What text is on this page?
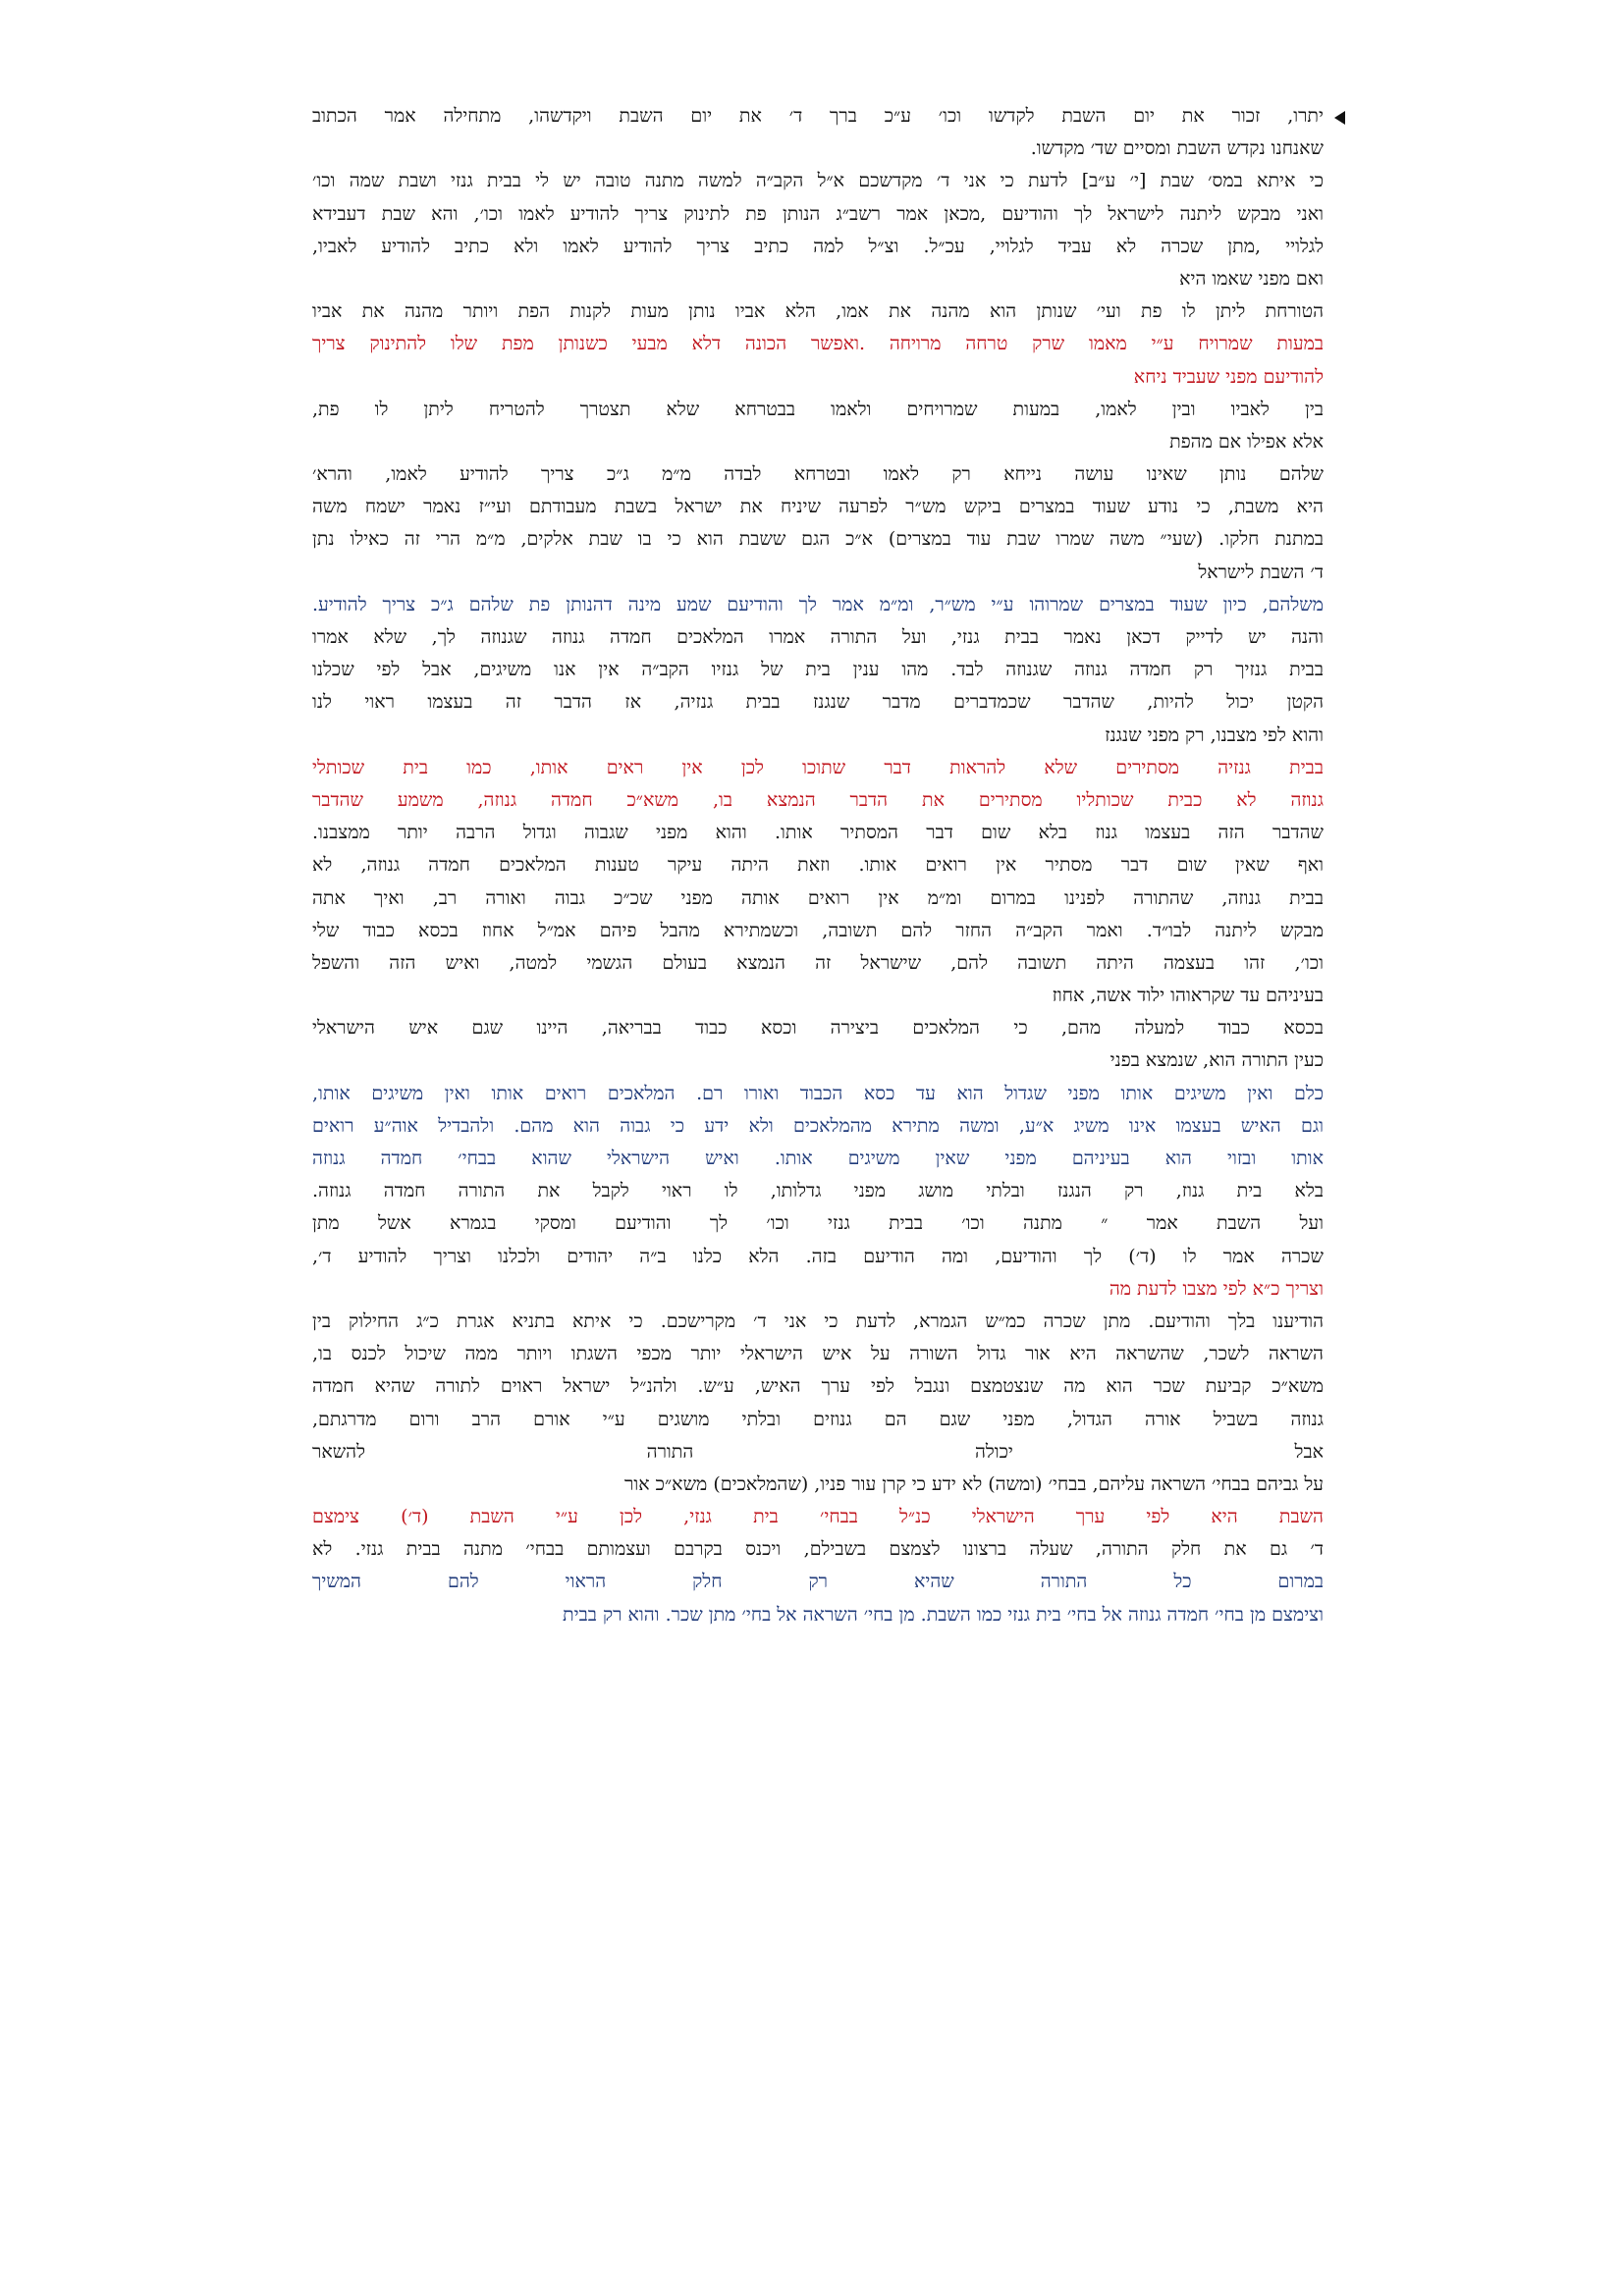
יתרו, זכור את יום השבת לקדשו וכו׳ ע״כ ברך ד׳ את יום השבת ויקדשהו, מתחילה אמר הכתוב
שאנחנו נקדש השבת ומסיים שד׳ מקדשו.
כי איתא במס׳ שבת [י׳ ע״ב] לדעת כי אני ד׳ מקדשכם א״ל הקב״ה למשה מתנה טובה יש לי בבית גנזי ושבת שמה וכו׳
ואני מבקש ליתנה לישראל לך והודיעם ,מכאן אמר רשב״ג הנותן פת לתינוק צריך להודיע לאמו וכו׳, והא שבת דעבידא
לגלויי ,מתן שכרה לא עביד לגלויי, עכ״ל. וצ״ל למה כתיב צריך להודיע לאמו ולא כתיב להודיע לאביו,
ואם מפני שאמו היא
הטורחת ליתן לו פת ועי׳ שנותן הוא מהנה את אמו, הלא אביו נותן מעות לקנות הפת ויותר מהנה את אביו
במעות שמרויח ע״י מאמו שרק טרחה מרויחה .ואפשר הכונה דלא מבעי כשנותן מפת שלו להתינוק צריך
להודיעם מפני שעביד ניחא
בין לאביו ובין לאמו, במעות שמרויחים ולאמו בבטרחא שלא תצטרך להטריח ליתן לו פת,
אלא אפילו אם מהפת
שלהם נותן שאינו עושה נייחא רק לאמו ובטרחא לבדה מ״מ ג״כ צריך להודיע לאמו, והרא׳
היא משבת, כי נודע שעוד במצרים ביקש מש״ר לפרעה שיניח את ישראל בשבת מעבודתם ועי״ז נאמר ישמח משה
במתנת חלקו. (שעי״ משה שמרו שבת עוד במצרים) א״כ הגם ששבת הוא כי בו שבת אלקים, מ״מ הרי זה כאילו נתן
ד׳ השבת לישראל
משלהם, כיון שעוד במצרים שמרוהו ע״י מש״ר, ומ״מ אמר לך והודיעם שמע מינה דהנותן פת שלהם ג״כ צריך להודיע.
והנה יש לדייק דכאן נאמר בבית גנזי, ועל התורה אמרו המלאכים חמדה גנוזה שגנוזה לך, שלא אמרו
בבית גנזיך רק חמדה גנוזה שגנוזה לבד. מהו ענין בית של גנזיו הקב״ה אין אנו משיגים, אבל לפי שכלנו
הקטן יכול להיות, שהדבר שכמדברים מדבר שנגנז בבית גנזיה, אז הדבר זה בעצמו ראוי לנו
והוא לפי מצבנו, רק מפני שנגנז
בבית גנזיה מסתירים שלא להראות דבר שתוכו לכן אין ראים אותו, כמו בית שכותלי
גנוזה לא כבית שכותליו מסתירים את הדבר הנמצא בו, משא״כ חמדה גנוזה, משמע שהדבר
שהדבר הזה בעצמו גנוז בלא שום דבר המסתיר אותו. והוא מפני שגבוה וגדול הרבה יותר ממצבנו.
ואף שאין שום דבר מסתיר אין רואים אותו. וזאת היתה עיקר טענות המלאכים חמדה גנוזה, לא
בבית גנוזה, שהתורה לפנינו במרום ומ״מ אין רואים אותה מפני שכ״כ גבוה ואורה רב, ואיך אתה
מבקש ליתנה לבו״ד. ואמר הקב״ה החזר להם תשובה, וכשמתירא מהבל פיהם אמ״ל אחוז בכסא כבוד שלי
וכו׳, זהו בעצמה היתה תשובה להם, שישראל זה הנמצא בעולם הגשמי למטה, ואיש הזה והשפל
בעיניהם עד שקראוהו ילוד אשה, אחוז
בכסא כבוד למעלה מהם, כי המלאכים ביצירה וכסא כבוד בבריאה, היינו שגם איש הישראלי
כעין התורה הוא, שנמצא בפני
כלם ואין משיגים אותו מפני שגדול הוא עד כסא הכבוד ואורו רם. המלאכים רואים אותו ואין משיגים אותו,
וגם האיש בעצמו אינו משיג א״ע, ומשה מתירא מהמלאכים ולא ידע כי גבוה הוא מהם. ולהבדיל אוה״ע רואים
אותו ובזוי הוא בעיניהם מפני שאין משיגים אותו. ואיש הישראלי שהוא בבחי׳ חמדה גנוזה
בלא בית גנוז, רק הנגנז ובלתי מושג מפני גדלותו, לו ראוי לקבל את התורה חמדה גנוזה.
ועל השבת אמר ״ מתנה וכו׳ בבית גנזי וכו׳ לך והודיעם ומסקי בגמרא אשל מתן
שכרה אמר לו (ד׳) לך והודיעם, ומה הודיעם בזה. הלא כלנו ב״ה יהודים ולכלנו וצריך להודיע ד׳,
וצריך כ״א לפי מצבו לדעת מה
הודיענו בלך והודיעם. מתן שכרה כמ״ש הגמרא, לדעת כי אני ד׳ מקרישכם. כי איתא בתניא אגרת כ״ג החילוק בין
השראה לשכר, שהשראה היא אור גדול השורה על איש הישראלי יותר מכפי השגתו ויותר ממה שיכול לכנס בו,
משא״כ קביעת שכר הוא מה שנצטמצם ונגבל לפי ערך האיש, ע״ש. ולהנ״ל ישראל ראוים לתורה שהיא חמדה
גנוזה בשביל אורה הגדול, מפני שגם הם גנוזים ובלתי מושגים ע״י אורם הרב ורום מדרגתם,
אבל יכולה התורה להשאר
על גביהם בבחי׳ השראה עליהם, בבחי׳ (ומשה) לא ידע כי קרן עור פניו, (שהמלאכים) משא״כ אור
השבת היא לפי ערך הישראלי כנ״ל בבחי׳ בית גנזי, לכן ע״י השבת (ד׳) צימצם
ד׳ גם את חלק התורה, שעלה ברצונו לצמצם בשבילם, ויכנס בקרבם ועצמותם בבחי׳ מתנה בבית גנזי. לא
במרום כל התורה שהיא רק חלק הראוי להם המשיך
וצימצם מן בחי׳ חמדה גנוזה אל בחי׳ בית גנזי כמו השבת. מן בחי׳ השראה אל בחי׳ מתן שכר. והוא רק בבית
